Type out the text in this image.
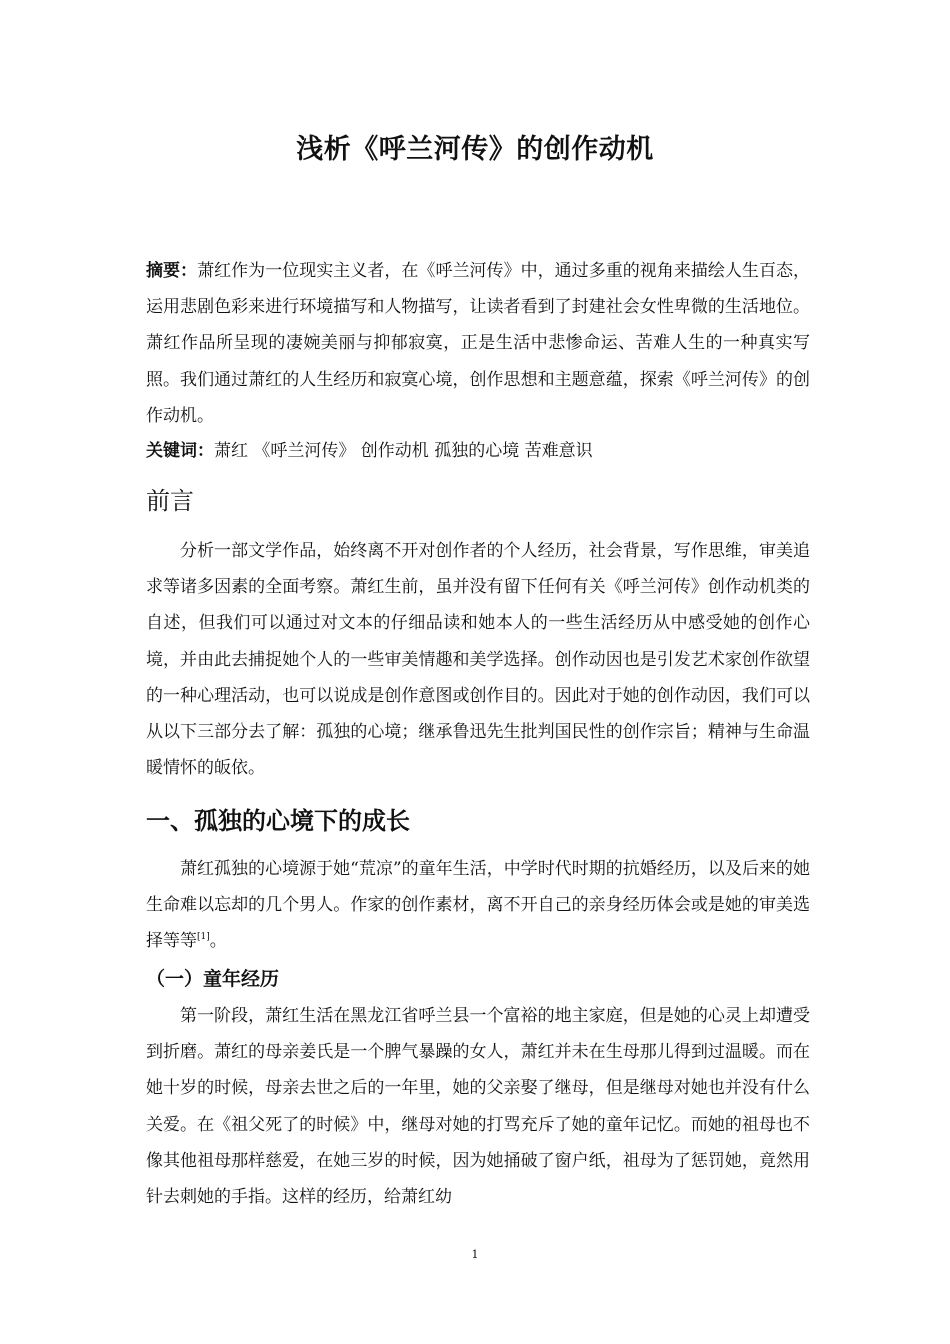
浅析《呼兰河传》的创作动机
摘要：萧红作为一位现实主义者，在《呼兰河传》中，通过多重的视角来描绘人生百态，运用悲剧色彩来进行环境描写和人物描写，让读者看到了封建社会女性卑微的生活地位。萧红作品所呈现的凄婉美丽与抑郁寂寞，正是生活中悲惨命运、苦难人生的一种真实写照。我们通过萧红的人生经历和寂寞心境，创作思想和主题意蕴，探索《呼兰河传》的创作动机。
关键词：萧红 《呼兰河传》 创作动机 孤独的心境 苦难意识
前言
分析一部文学作品，始终离不开对创作者的个人经历，社会背景，写作思维，审美追求等诸多因素的全面考察。萧红生前，虽并没有留下任何有关《呼兰河传》创作动机类的自述，但我们可以通过对文本的仔细品读和她本人的一些生活经历从中感受她的创作心境，并由此去捕捉她个人的一些审美情趣和美学选择。创作动因也是引发艺术家创作欲望的一种心理活动，也可以说成是创作意图或创作目的。因此对于她的创作动因，我们可以从以下三部分去了解：孤独的心境；继承鲁迅先生批判国民性的创作宗旨；精神与生命温暖情怀的皈依。
一、孤独的心境下的成长
萧红孤独的心境源于她“荒凉”的童年生活，中学时代时期的抗婚经历，以及后来的她生命难以忘却的几个男人。作家的创作素材，离不开自己的亲身经历体会或是她的审美选择等等[1]。
（一）童年经历
第一阶段，萧红生活在黑龙江省呼兰县一个富裕的地主家庭，但是她的心灵上却遭受到折磨。萧红的母亲姜氏是一个脾气暴躁的女人，萧红并未在生母那儿得到过温暖。而在她十岁的时候，母亲去世之后的一年里，她的父亲娶了继母，但是继母对她也并没有什么关爱。在《祖父死了的时候》中，继母对她的打骂充斥了她的童年记忆。而她的祖母也不像其他祖母那样慈爱，在她三岁的时候，因为她捅破了窗户纸，祖母为了惩罚她，竟然用针去刺她的手指。这样的经历，给萧红幼
1
